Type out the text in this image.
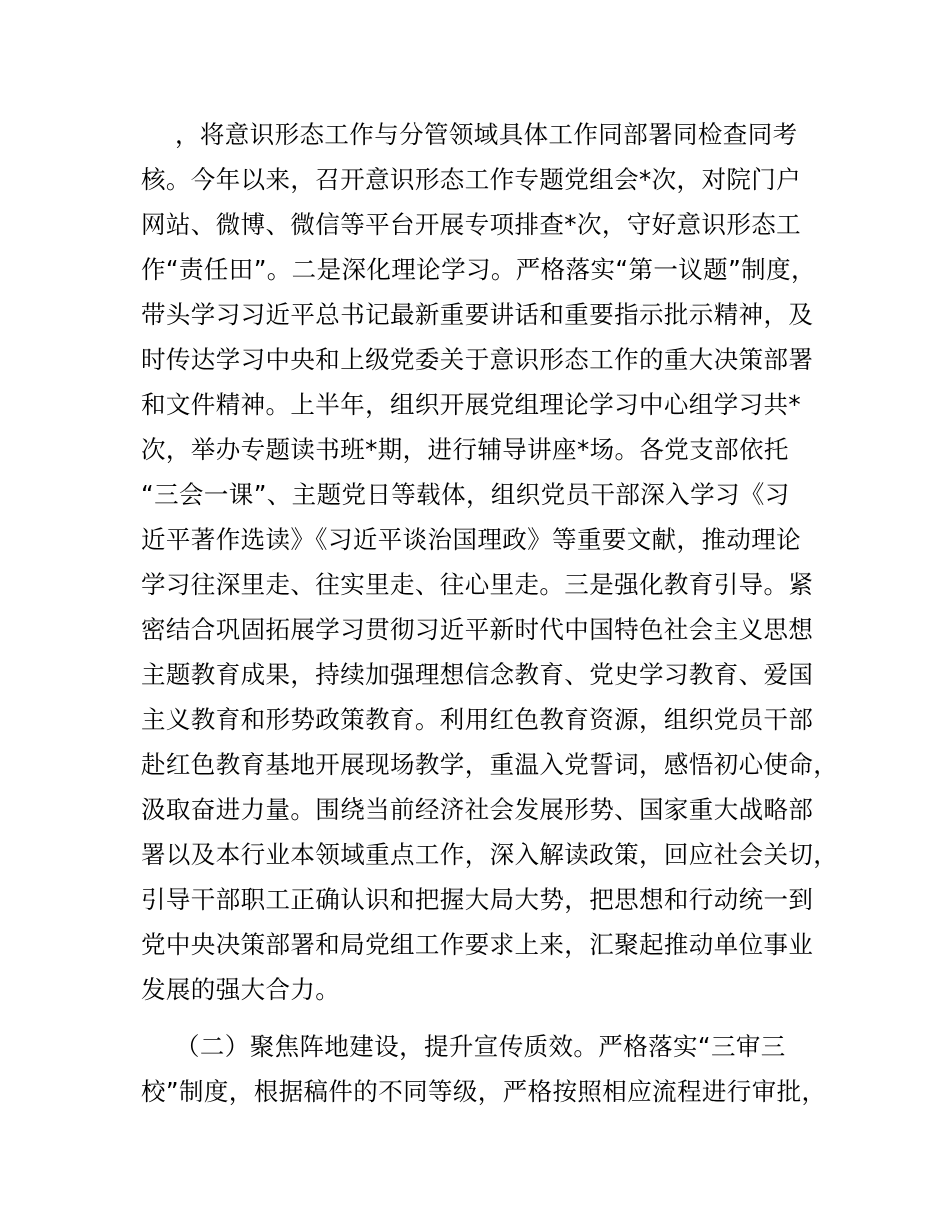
，将意识形态工作与分管领域具体工作同部署同检查同考
核。今年以来，召开意识形态工作专题党组会*次，对院门户
网站、微博、微信等平台开展专项排查*次，守好意识形态工
作“责任田”。二是深化理论学习。严格落实“第一议题”制度，
带头学习习近平总书记最新重要讲话和重要指示批示精神，及
时传达学习中央和上级党委关于意识形态工作的重大决策部署
和文件精神。上半年，组织开展党组理论学习中心组学习共*
次，举办专题读书班*期，进行辅导讲座*场。各党支部依托
“三会一课”、主题党日等载体，组织党员干部深入学习《习
近平著作选读》《习近平谈治国理政》等重要文献，推动理论
学习往深里走、往实里走、往心里走。三是强化教育引导。紧
密结合巩固拓展学习贯彻习近平新时代中国特色社会主义思想
主题教育成果，持续加强理想信念教育、党史学习教育、爱国
主义教育和形势政策教育。利用红色教育资源，组织党员干部
赴红色教育基地开展现场教学，重温入党誓词，感悟初心使命，
汲取奋进力量。围绕当前经济社会发展形势、国家重大战略部
署以及本行业本领域重点工作，深入解读政策，回应社会关切，
引导干部职工正确认识和把握大局大势，把思想和行动统一到
党中央决策部署和局党组工作要求上来，汇聚起推动单位事业
发展的强大合力。
（二）聚焦阵地建设，提升宣传质效。严格落实“三审三
校”制度，根据稿件的不同等级，严格按照相应流程进行审批，
